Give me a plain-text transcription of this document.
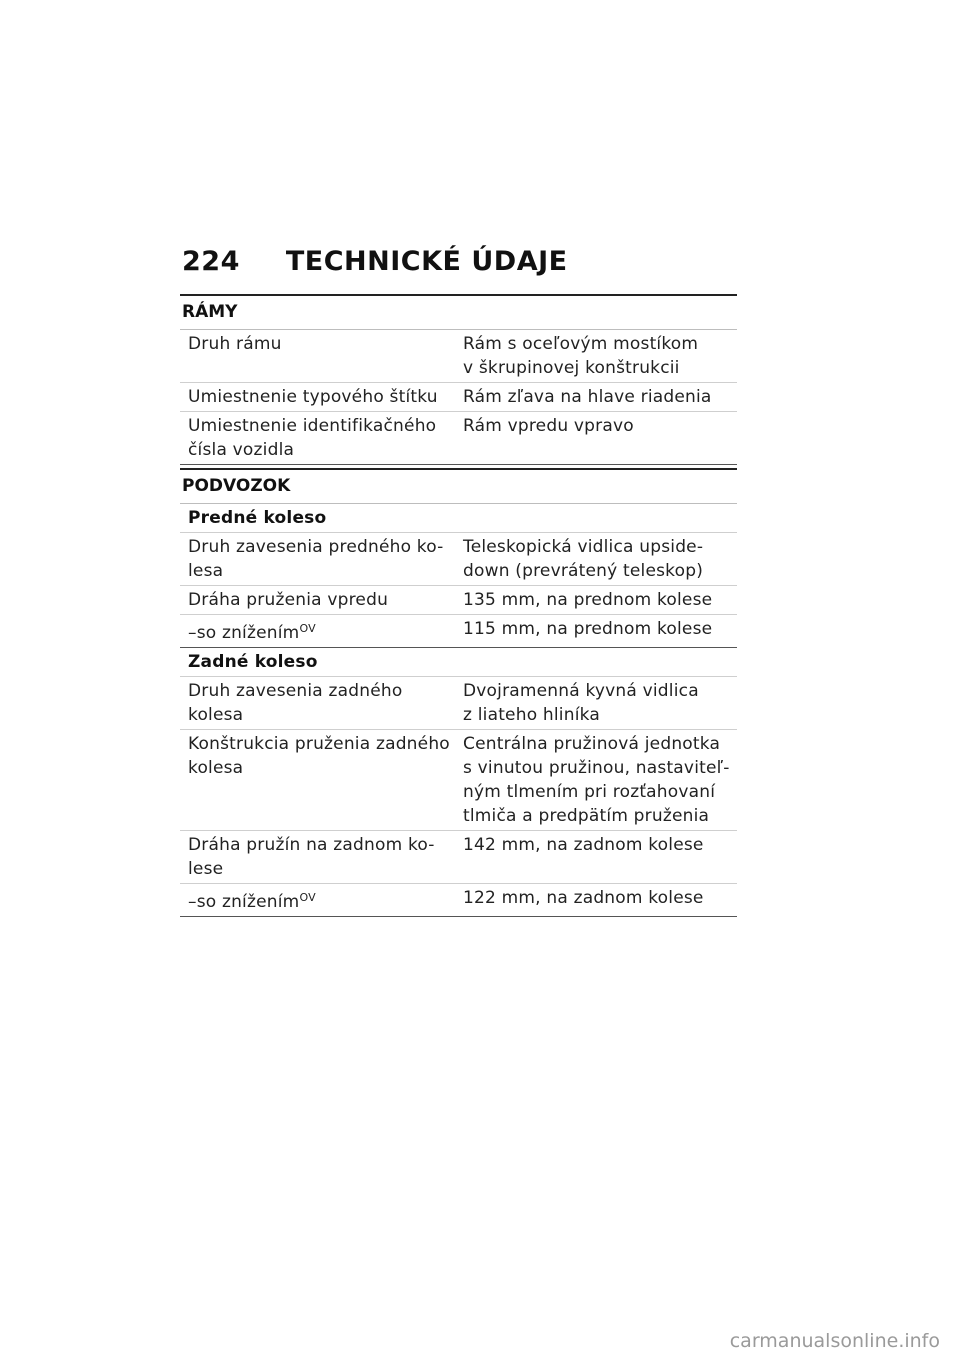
224 TECHNICKÉ ÚDAJE
RÁMY
Druh rámu	Rám s oceľovým mostíkom
v škrupinovej konštrukcii
Umiestnenie typového štítku	Rám zľava na hlave riadenia
Umiestnenie identifikačného
čísla vozidla	Rám vpredu vpravo
PODVOZOK
Predné koleso	
Druh zavesenia predného ko-
lesa	Teleskopická vidlica upside-
down (prevrátený teleskop)
Dráha pruženia vpredu	135 mm, na prednom kolese
–so znížením$^{OV}$	115 mm, na prednom kolese
Zadné koleso	
Druh zavesenia zadného kolesa	Dvojramenná kyvná vidlica
z liateho hliníka
Konštrukcia pruženia zadného
kolesa	Centrálna pružinová jednotka
s vinutou pružinou, nastaviteľ-
ným tlmením pri rozťahovaní
tlmiča a predpätím pruženia
Dráha pružín na zadnom ko-
lese	142 mm, na zadnom kolese
–so znížením$^{OV}$	122 mm, na zadnom kolese
carmanualsonline.info
